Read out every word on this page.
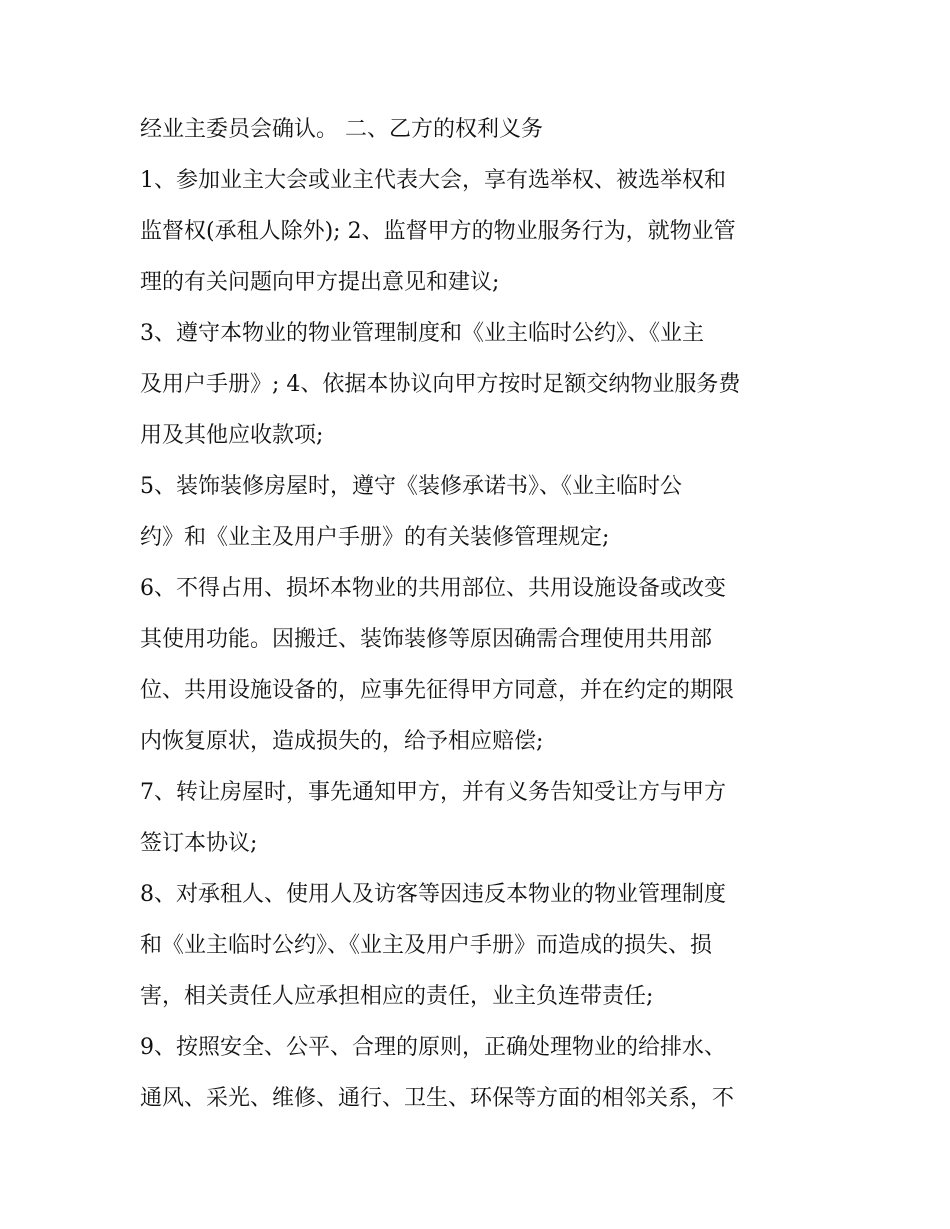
经业主委员会确认。 二、乙方的权利义务
1、参加业主大会或业主代表大会，享有选举权、被选举权和
监督权(承租人除外); 2、监督甲方的物业服务行为，就物业管
理的有关问题向甲方提出意见和建议;
3、遵守本物业的物业管理制度和《业主临时公约》、《业主
及用户手册》; 4、依据本协议向甲方按时足额交纳物业服务费
用及其他应收款项;
5、装饰装修房屋时，遵守《装修承诺书》、《业主临时公
约》和《业主及用户手册》的有关装修管理规定;
6、不得占用、损坏本物业的共用部位、共用设施设备或改变
其使用功能。因搬迁、装饰装修等原因确需合理使用共用部
位、共用设施设备的，应事先征得甲方同意，并在约定的期限
内恢复原状，造成损失的，给予相应赔偿;
7、转让房屋时，事先通知甲方，并有义务告知受让方与甲方
签订本协议;
8、对承租人、使用人及访客等因违反本物业的物业管理制度
和《业主临时公约》、《业主及用户手册》而造成的损失、损
害，相关责任人应承担相应的责任，业主负连带责任;
9、按照安全、公平、合理的原则，正确处理物业的给排水、
通风、采光、维修、通行、卫生、环保等方面的相邻关系，不
